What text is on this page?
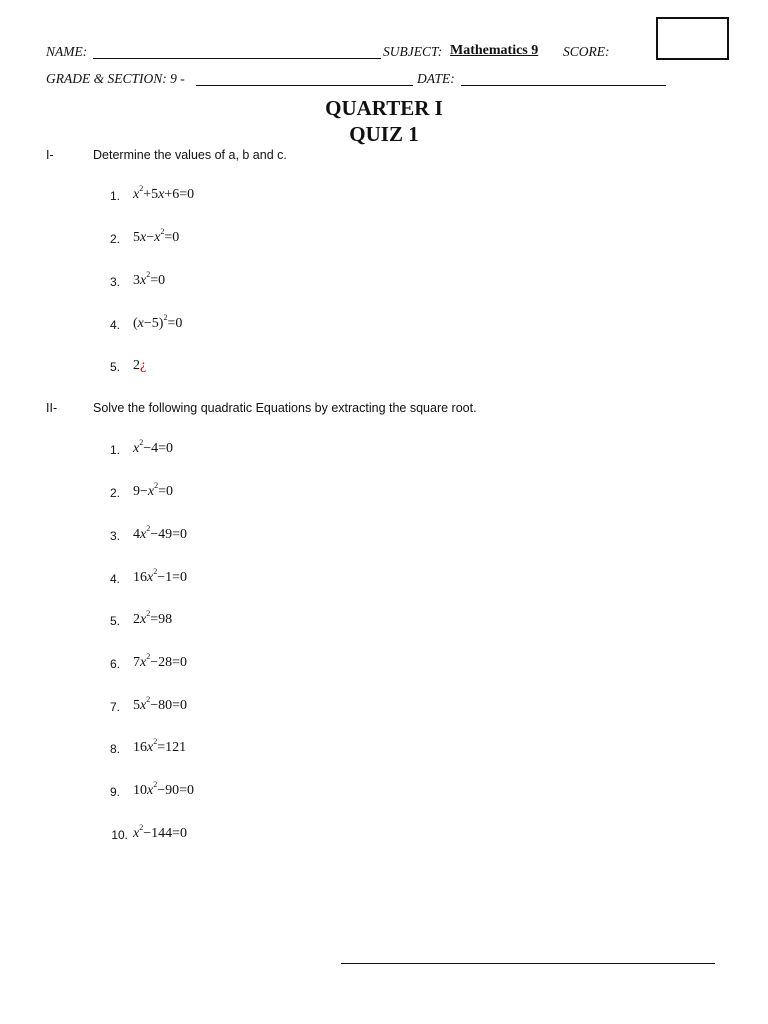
NAME:	SUBJECT: Mathematics 9 SCORE:
GRADE & SECTION: 9 -	DATE:
QUARTER I
QUIZ 1
I-	Determine the values of a, b and c.
1. $x^2+5x+6=0$
2. $5x-x^2=0$
3. $3x^2=0$
4. $(x-5)^2=0$
5. 2¿
II-	Solve the following quadratic Equations by extracting the square root.
1. $x^2-4=0$
2. $9-x^2=0$
3. $4x^2-49=0$
4. $16x^2-1=0$
5. $2x^2=98$
6. $7x^2-28=0$
7. $5x^2-80=0$
8. $16x^2=121$
9. $10x^2-90=0$
10. $x^2-144=0$
